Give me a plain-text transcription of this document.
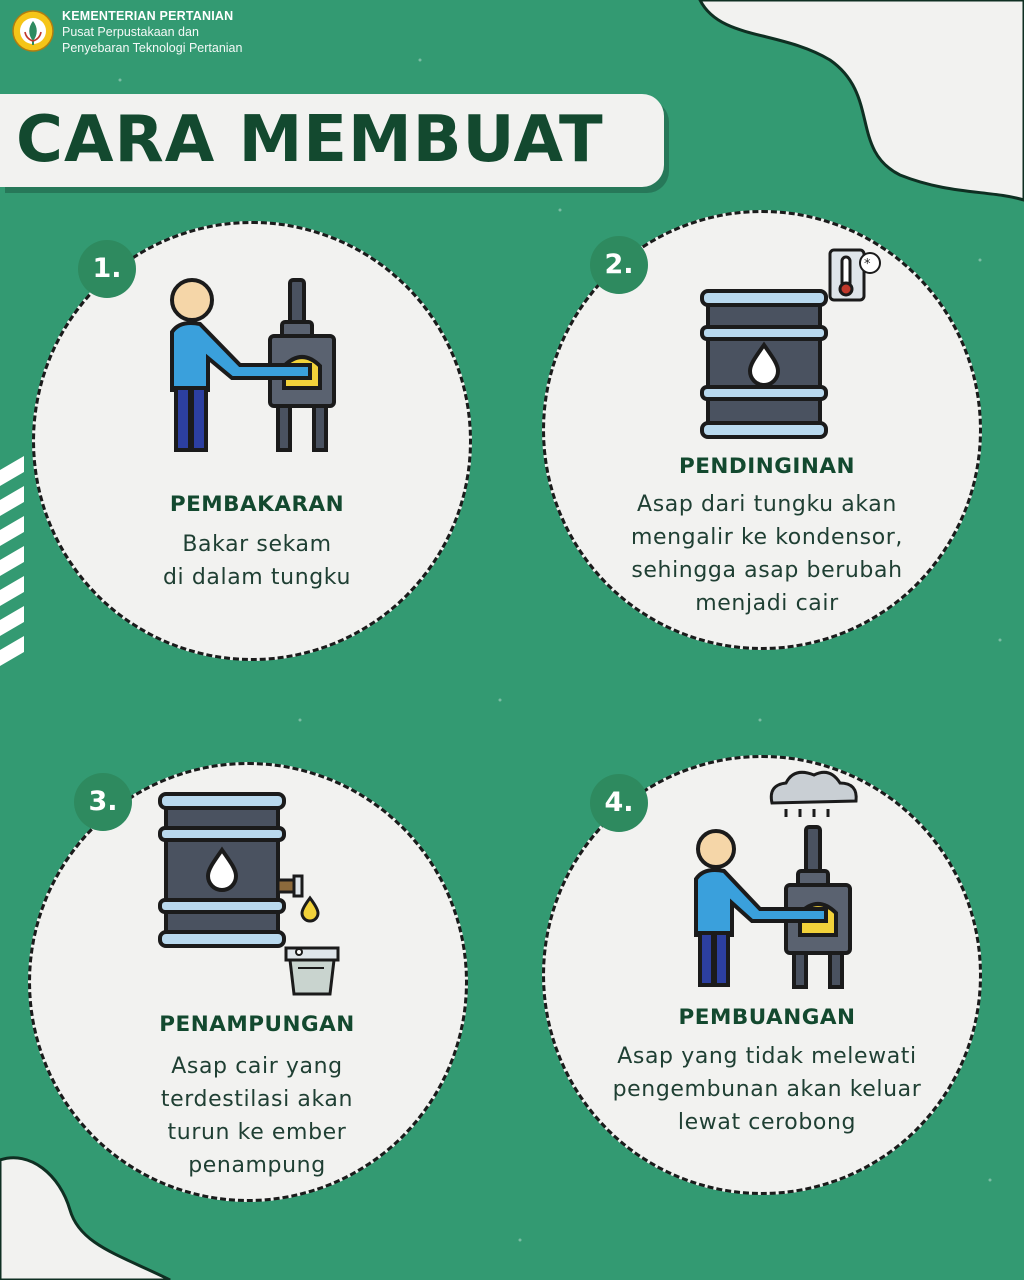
KEMENTERIAN PERTANIAN
Pusat Perpustakaan dan
Penyebaran Teknologi Pertanian
CARA MEMBUAT
1.
PEMBAKARAN
Bakar sekam
di dalam tungku
2.	*
PENDINGINAN
Asap dari tungku akan
mengalir ke kondensor,
sehingga asap berubah
menjadi cair
3.
PENAMPUNGAN
Asap cair yang
terdestilasi akan
turun ke ember
penampung
4.
PEMBUANGAN
Asap yang tidak melewati
pengembunan akan keluar
lewat cerobong
